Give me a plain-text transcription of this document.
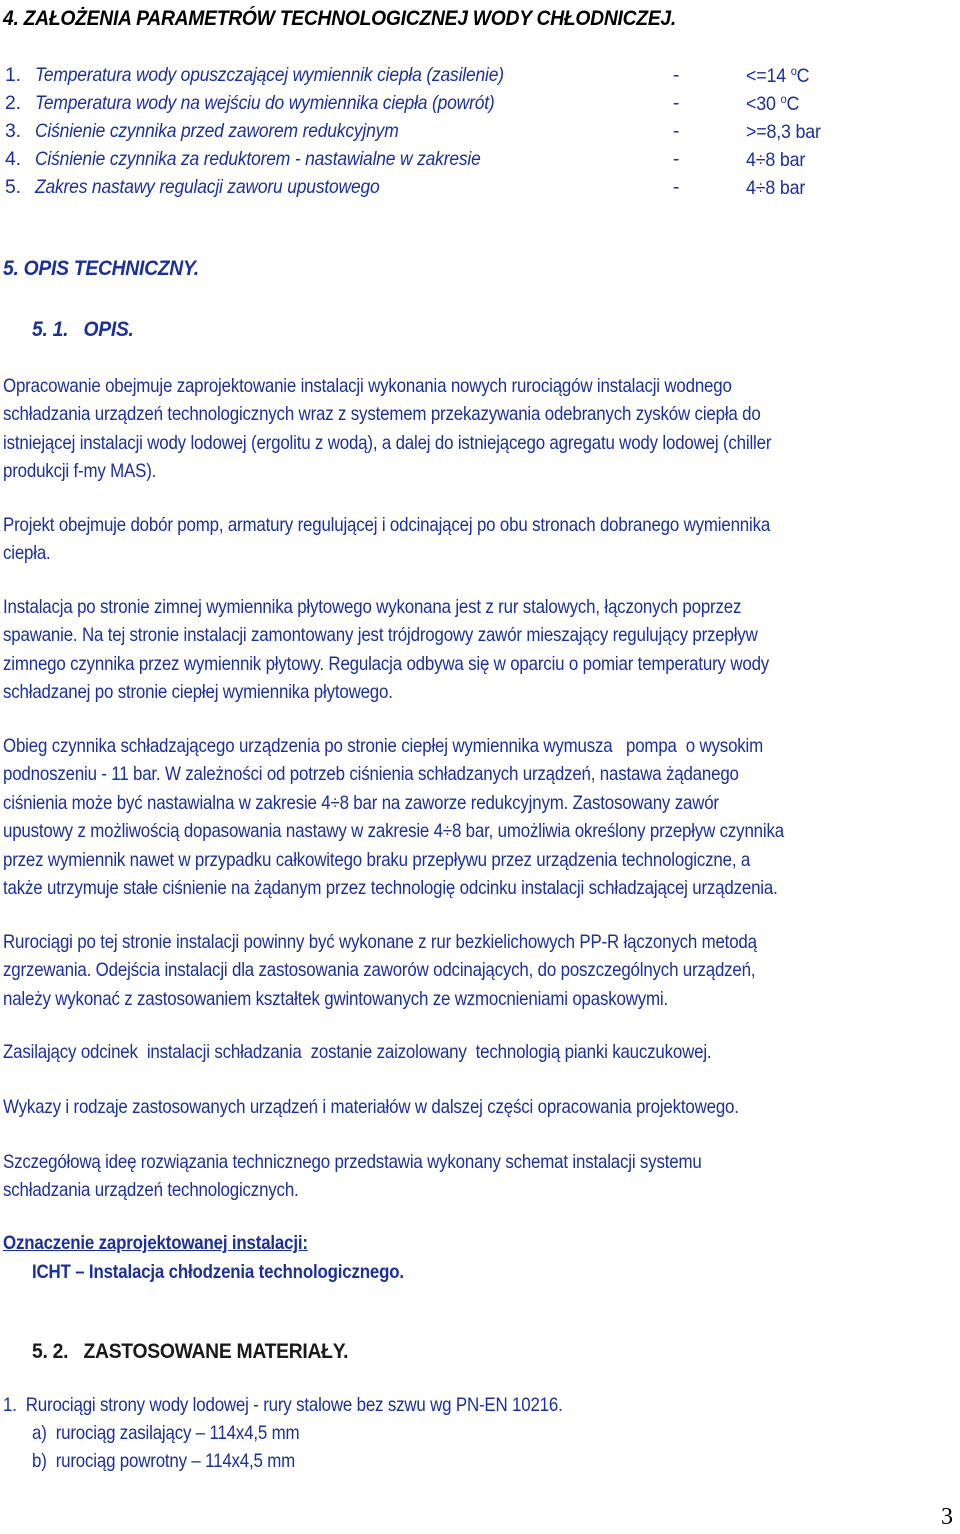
4. ZAŁOŻENIA PARAMETRÓW TECHNOLOGICZNEJ WODY CHŁODNICZEJ.
1. Temperatura wody opuszczającej wymiennik ciepła (zasilenie)	-	<=14 $^o$C
2. Temperatura wody na wejściu do wymiennika ciepła (powrót)	-	<30 $^o$C
3. Ciśnienie czynnika przed zaworem redukcyjnym	-	>=8,3 bar
4. Ciśnienie czynnika za reduktorem - nastawialne w zakresie	-	4÷8 bar
5. Zakres nastawy regulacji zaworu upustowego	-	4÷8 bar
5. OPIS TECHNICZNY.
5. 1.   OPIS.
Opracowanie obejmuje zaprojektowanie instalacji wykonania nowych rurociągów instalacji wodnego
schładzania urządzeń technologicznych wraz z systemem przekazywania odebranych zysków ciepła do
istniejącej instalacji wody lodowej (ergolitu z wodą), a dalej do istniejącego agregatu wody lodowej (chiller
produkcji f-my MAS).
Projekt obejmuje dobór pomp, armatury regulującej i odcinającej po obu stronach dobranego wymiennika
ciepła.
Instalacja po stronie zimnej wymiennika płytowego wykonana jest z rur stalowych, łączonych poprzez
spawanie. Na tej stronie instalacji zamontowany jest trójdrogowy zawór mieszający regulujący przepływ
zimnego czynnika przez wymiennik płytowy. Regulacja odbywa się w oparciu o pomiar temperatury wody
schładzanej po stronie ciepłej wymiennika płytowego.
Obieg czynnika schładzającego urządzenia po stronie ciepłej wymiennika wymusza   pompa  o wysokim
podnoszeniu - 11 bar. W zależności od potrzeb ciśnienia schładzanych urządzeń, nastawa żądanego
ciśnienia może być nastawialna w zakresie 4÷8 bar na zaworze redukcyjnym. Zastosowany zawór
upustowy z możliwością dopasowania nastawy w zakresie 4÷8 bar, umożliwia określony przepływ czynnika
przez wymiennik nawet w przypadku całkowitego braku przepływu przez urządzenia technologiczne, a
także utrzymuje stałe ciśnienie na żądanym przez technologię odcinku instalacji schładzającej urządzenia.
Rurociągi po tej stronie instalacji powinny być wykonane z rur bezkielichowych PP-R łączonych metodą
zgrzewania. Odejścia instalacji dla zastosowania zaworów odcinających, do poszczególnych urządzeń,
należy wykonać z zastosowaniem kształtek gwintowanych ze wzmocnieniami opaskowymi.
Zasilający odcinek  instalacji schładzania  zostanie zaizolowany  technologią pianki kauczukowej.
Wykazy i rodzaje zastosowanych urządzeń i materiałów w dalszej części opracowania projektowego.
Szczegółową ideę rozwiązania technicznego przedstawia wykonany schemat instalacji systemu
schładzania urządzeń technologicznych.
Oznaczenie zaprojektowanej instalacji:
ICHT – Instalacja chłodzenia technologicznego.
5. 2.   ZASTOSOWANE MATERIAŁY.
1.  Rurociągi strony wody lodowej - rury stalowe bez szwu wg PN-EN 10216.
a)  rurociąg zasilający – 114x4,5 mm
b)  rurociąg powrotny – 114x4,5 mm
3
